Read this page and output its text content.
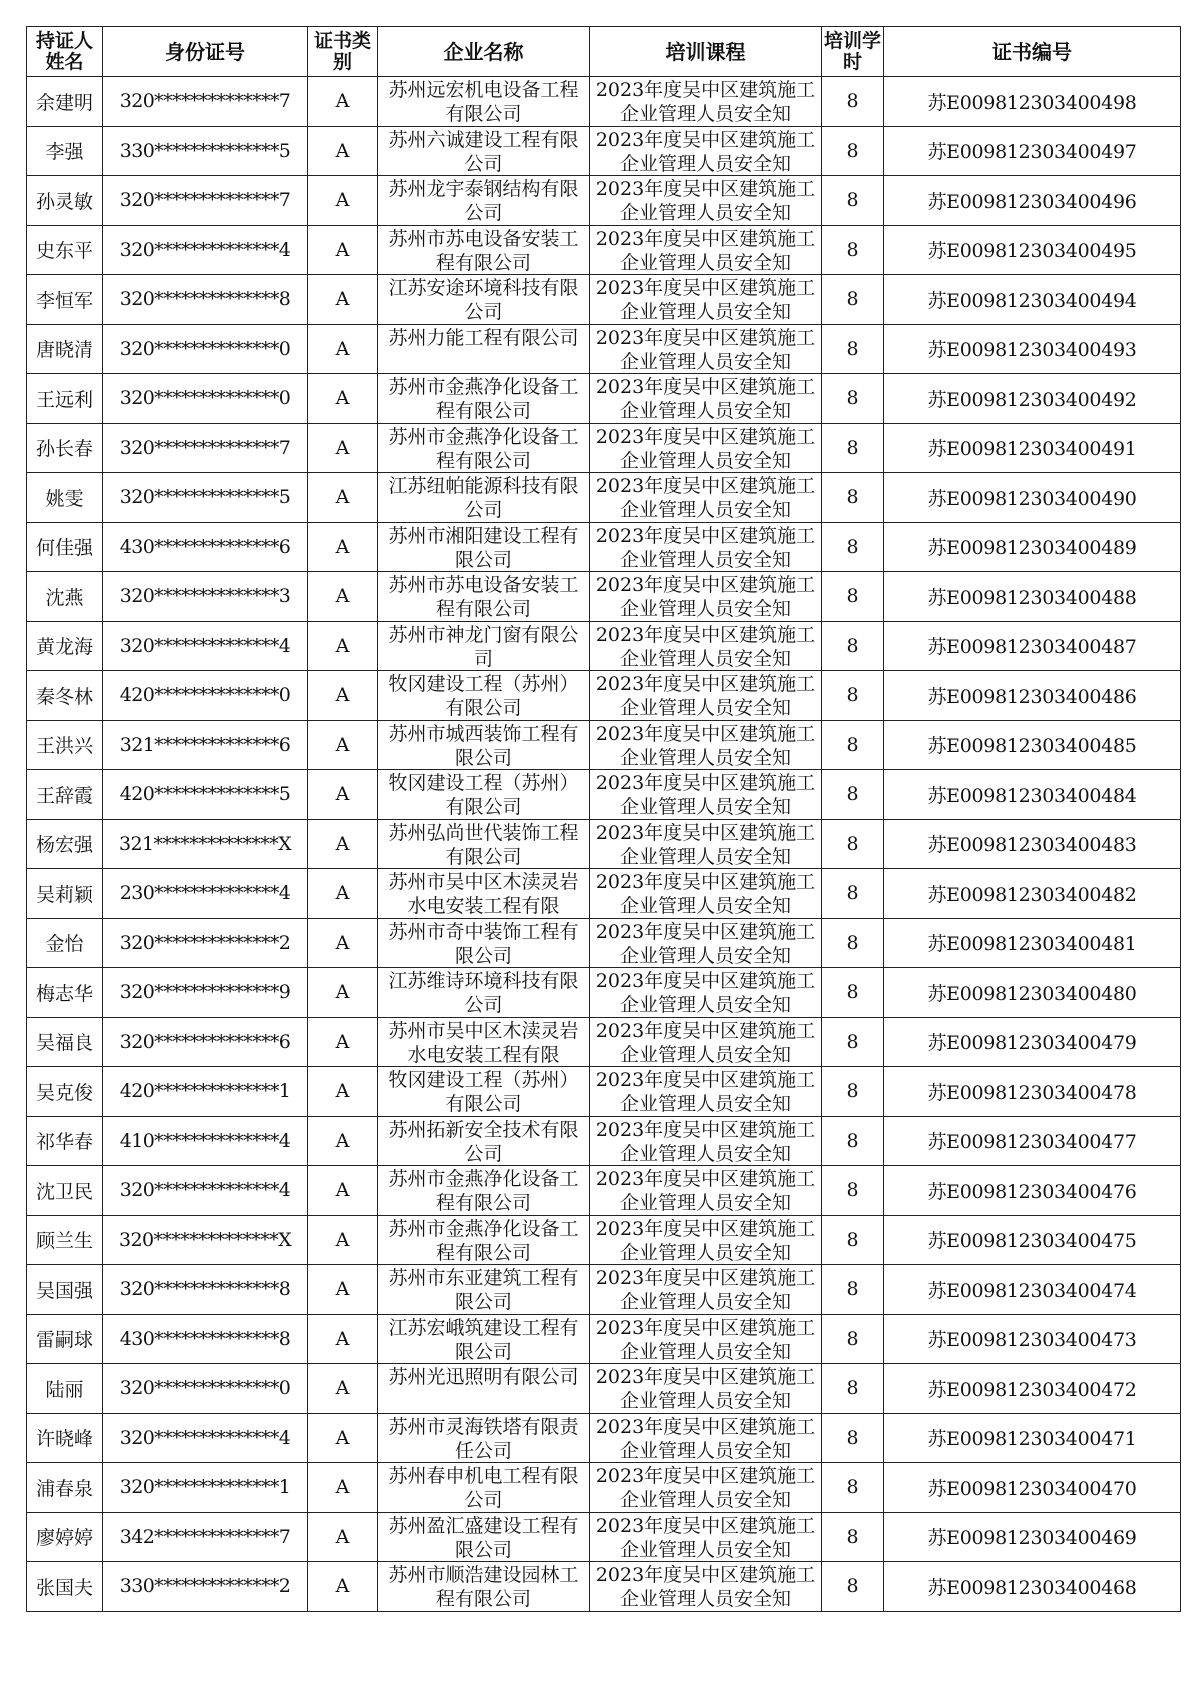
持证人姓名	身份证号	证书类别	企业名称	培训课程	培训学时	证书编号
余建明	320**************7	A	苏州远宏机电设备工程有限公司	2023年度吴中区建筑施工企业管理人员安全知	8	苏E009812303400498
李强	330**************5	A	苏州六诚建设工程有限公司	2023年度吴中区建筑施工企业管理人员安全知	8	苏E009812303400497
孙灵敏	320**************7	A	苏州龙宇泰钢结构有限公司	2023年度吴中区建筑施工企业管理人员安全知	8	苏E009812303400496
史东平	320**************4	A	苏州市苏电设备安装工程有限公司	2023年度吴中区建筑施工企业管理人员安全知	8	苏E009812303400495
李恒军	320**************8	A	江苏安途环境科技有限公司	2023年度吴中区建筑施工企业管理人员安全知	8	苏E009812303400494
唐晓清	320**************0	A	苏州力能工程有限公司	2023年度吴中区建筑施工企业管理人员安全知	8	苏E009812303400493
王远利	320**************0	A	苏州市金燕净化设备工程有限公司	2023年度吴中区建筑施工企业管理人员安全知	8	苏E009812303400492
孙长春	320**************7	A	苏州市金燕净化设备工程有限公司	2023年度吴中区建筑施工企业管理人员安全知	8	苏E009812303400491
姚雯	320**************5	A	江苏纽帕能源科技有限公司	2023年度吴中区建筑施工企业管理人员安全知	8	苏E009812303400490
何佳强	430**************6	A	苏州市湘阳建设工程有限公司	2023年度吴中区建筑施工企业管理人员安全知	8	苏E009812303400489
沈燕	320**************3	A	苏州市苏电设备安装工程有限公司	2023年度吴中区建筑施工企业管理人员安全知	8	苏E009812303400488
黄龙海	320**************4	A	苏州市神龙门窗有限公司	2023年度吴中区建筑施工企业管理人员安全知	8	苏E009812303400487
秦冬林	420**************0	A	牧冈建设工程（苏州）有限公司	2023年度吴中区建筑施工企业管理人员安全知	8	苏E009812303400486
王洪兴	321**************6	A	苏州市城西装饰工程有限公司	2023年度吴中区建筑施工企业管理人员安全知	8	苏E009812303400485
王辞霞	420**************5	A	牧冈建设工程（苏州）有限公司	2023年度吴中区建筑施工企业管理人员安全知	8	苏E009812303400484
杨宏强	321**************X	A	苏州弘尚世代装饰工程有限公司	2023年度吴中区建筑施工企业管理人员安全知	8	苏E009812303400483
吴莉颖	230**************4	A	苏州市吴中区木渎灵岩水电安装工程有限	2023年度吴中区建筑施工企业管理人员安全知	8	苏E009812303400482
金怡	320**************2	A	苏州市奇中装饰工程有限公司	2023年度吴中区建筑施工企业管理人员安全知	8	苏E009812303400481
梅志华	320**************9	A	江苏维诗环境科技有限公司	2023年度吴中区建筑施工企业管理人员安全知	8	苏E009812303400480
吴福良	320**************6	A	苏州市吴中区木渎灵岩水电安装工程有限	2023年度吴中区建筑施工企业管理人员安全知	8	苏E009812303400479
吴克俊	420**************1	A	牧冈建设工程（苏州）有限公司	2023年度吴中区建筑施工企业管理人员安全知	8	苏E009812303400478
祁华春	410**************4	A	苏州拓新安全技术有限公司	2023年度吴中区建筑施工企业管理人员安全知	8	苏E009812303400477
沈卫民	320**************4	A	苏州市金燕净化设备工程有限公司	2023年度吴中区建筑施工企业管理人员安全知	8	苏E009812303400476
顾兰生	320**************X	A	苏州市金燕净化设备工程有限公司	2023年度吴中区建筑施工企业管理人员安全知	8	苏E009812303400475
吴国强	320**************8	A	苏州市东亚建筑工程有限公司	2023年度吴中区建筑施工企业管理人员安全知	8	苏E009812303400474
雷嗣球	430**************8	A	江苏宏峨筑建设工程有限公司	2023年度吴中区建筑施工企业管理人员安全知	8	苏E009812303400473
陆丽	320**************0	A	苏州光迅照明有限公司	2023年度吴中区建筑施工企业管理人员安全知	8	苏E009812303400472
许晓峰	320**************4	A	苏州市灵海铁塔有限责任公司	2023年度吴中区建筑施工企业管理人员安全知	8	苏E009812303400471
浦春泉	320**************1	A	苏州春申机电工程有限公司	2023年度吴中区建筑施工企业管理人员安全知	8	苏E009812303400470
廖婷婷	342**************7	A	苏州盈汇盛建设工程有限公司	2023年度吴中区建筑施工企业管理人员安全知	8	苏E009812303400469
张国夫	330**************2	A	苏州市顺浩建设园林工程有限公司	2023年度吴中区建筑施工企业管理人员安全知	8	苏E009812303400468
